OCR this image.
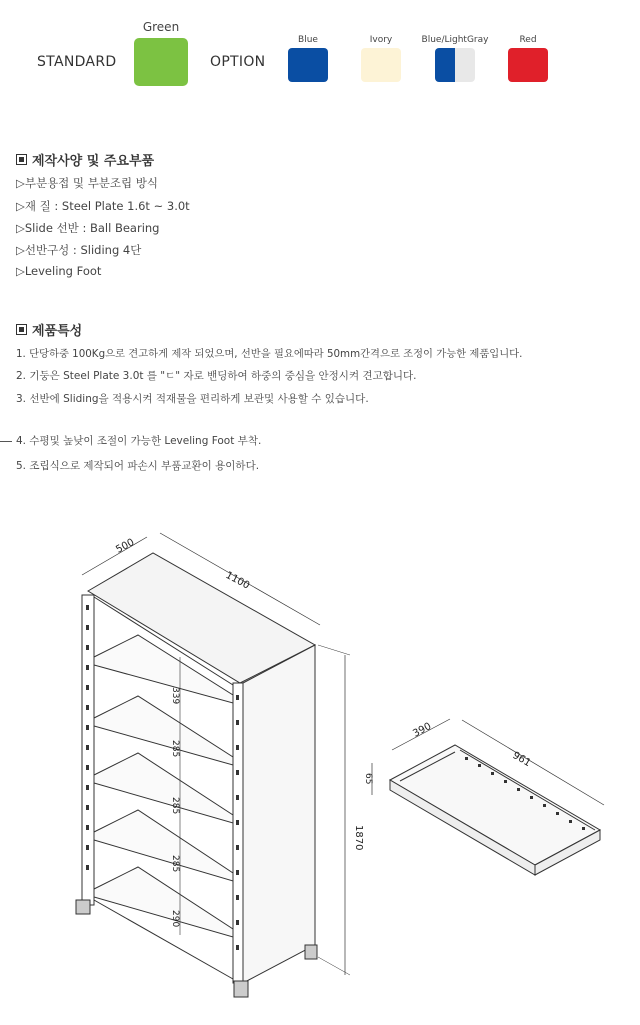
STANDARD
Green
OPTION
Blue	Ivory	Blue/LightGray	Red
제작사양 및 주요부품
▷부분용접 및 부분조립 방식
▷재 질 : Steel Plate 1.6t ~ 3.0t
▷Slide 선반 : Ball Bearing
▷선반구성 : Sliding 4단
▷Leveling Foot
제품특성
1. 단당하중 100Kg으로 견고하게 제작 되었으며, 선반을 필요에따라 50mm간격으로 조정이 가능한 제품입니다.
2. 기둥은 Steel Plate 3.0t 를 "ㄷ" 자로 밴딩하여 하중의 중심을 안정시켜 견고합니다.
3. 선반에 Sliding을 적용시켜 적재물을 편리하게 보관및 사용할 수 있습니다.
4. 수평및 높낮이 조절이 가능한 Leveling Foot 부착.
5. 조립식으로 제작되어 파손시 부품교환이 용이하다.
500
1100
1870
339
285
285
285
290
390
961
65
